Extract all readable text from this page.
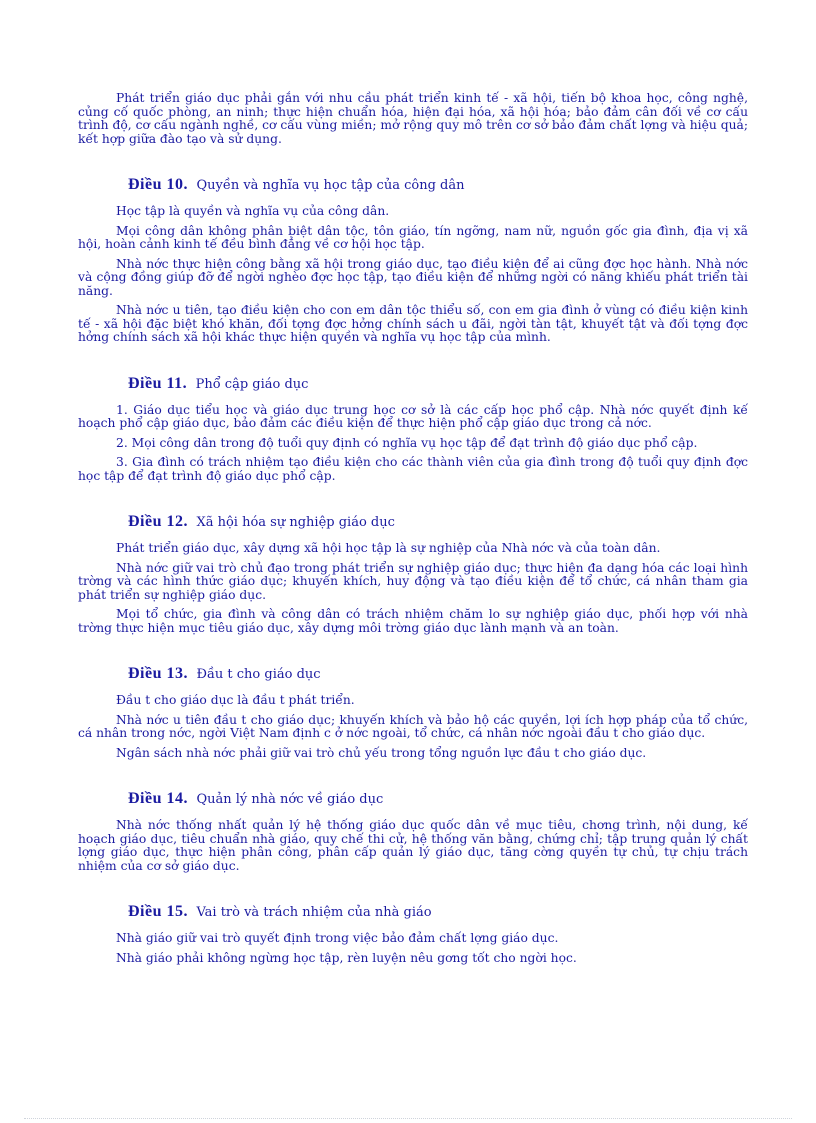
Phát triển giáo dục phải gắn với nhu cầu phát triển kinh tế - xã hội, tiến bộ khoa học, công nghệ, củng cố quốc phòng, an ninh; thực hiện chuẩn hóa, hiện đại hóa, xã hội hóa; bảo đảm cân đối về cơ cấu trình độ, cơ cấu ngành nghề, cơ cấu vùng miền; mở rộng quy mô trên cơ sở bảo đảm chất lợng và hiệu quả; kết hợp giữa đào tạo và sử dụng.

Điều 10. Quyền và nghĩa vụ học tập của công dân

Học tập là quyền và nghĩa vụ của công dân.

Mọi công dân không phân biệt dân tộc, tôn giáo, tín ngỡng, nam nữ, nguồn gốc gia đình, địa vị xã hội, hoàn cảnh kinh tế đều bình đẳng về cơ hội học tập.

Nhà nớc thực hiện công bằng xã hội trong giáo dục, tạo điều kiện để ai cũng đợc học hành. Nhà nớc và cộng đồng giúp đỡ để ngời nghèo đợc học tập, tạo điều kiện để những ngời có năng khiếu phát triển tài năng.

Nhà nớc u tiên, tạo điều kiện cho con em dân tộc thiểu số, con em gia đình ở vùng có điều kiện kinh tế - xã hội đặc biệt khó khăn, đối tợng đợc hởng chính sách u đãi, ngời tàn tật, khuyết tật và đối tợng đợc hởng chính sách xã hội khác thực hiện quyền và nghĩa vụ học tập của mình.

Điều 11. Phổ cập giáo dục

1. Giáo dục tiểu học và giáo dục trung học cơ sở là các cấp học phổ cập. Nhà nớc quyết định kế hoạch phổ cập giáo dục, bảo đảm các điều kiện để thực hiện phổ cập giáo dục trong cả nớc.

2. Mọi công dân trong độ tuổi quy định có nghĩa vụ học tập để đạt trình độ giáo dục phổ cập.

3. Gia đình có trách nhiệm tạo điều kiện cho các thành viên của gia đình trong độ tuổi quy định đợc học tập để đạt trình độ giáo dục phổ cập.

Điều 12. Xã hội hóa sự nghiệp giáo dục

Phát triển giáo dục, xây dựng xã hội học tập là sự nghiệp của Nhà nớc và của toàn dân.

Nhà nớc giữ vai trò chủ đạo trong phát triển sự nghiệp giáo dục; thực hiện đa dạng hóa các loại hình trờng và các hình thức giáo dục; khuyến khích, huy động và tạo điều kiện để tổ chức, cá nhân tham gia phát triển sự nghiệp giáo dục.

Mọi tổ chức, gia đình và công dân có trách nhiệm chăm lo sự nghiệp giáo dục, phối hợp với nhà trờng thực hiện mục tiêu giáo dục, xây dựng môi trờng giáo dục lành mạnh và an toàn.

Điều 13. Đầu t cho giáo dục

Đầu t cho giáo dục là đầu t phát triển.

Nhà nớc u tiên đầu t cho giáo dục; khuyến khích và bảo hộ các quyền, lợi ích hợp pháp của tổ chức, cá nhân trong nớc, ngời Việt Nam định c ở nớc ngoài, tổ chức, cá nhân nớc ngoài đầu t cho giáo dục.

Ngân sách nhà nớc phải giữ vai trò chủ yếu trong tổng nguồn lực đầu t cho giáo dục.

Điều 14. Quản lý nhà nớc về giáo dục

Nhà nớc thống nhất quản lý hệ thống giáo dục quốc dân về mục tiêu, chơng trình, nội dung, kế hoạch giáo dục, tiêu chuẩn nhà giáo, quy chế thi cử, hệ thống văn bằng, chứng chỉ; tập trung quản lý chất lợng giáo dục, thực hiện phân công, phân cấp quản lý giáo dục, tăng cờng quyền tự chủ, tự chịu trách nhiệm của cơ sở giáo dục.

Điều 15. Vai trò và trách nhiệm của nhà giáo

Nhà giáo giữ vai trò quyết định trong việc bảo đảm chất lợng giáo dục.

Nhà giáo phải không ngừng học tập, rèn luyện nêu gơng tốt cho ngời học.
